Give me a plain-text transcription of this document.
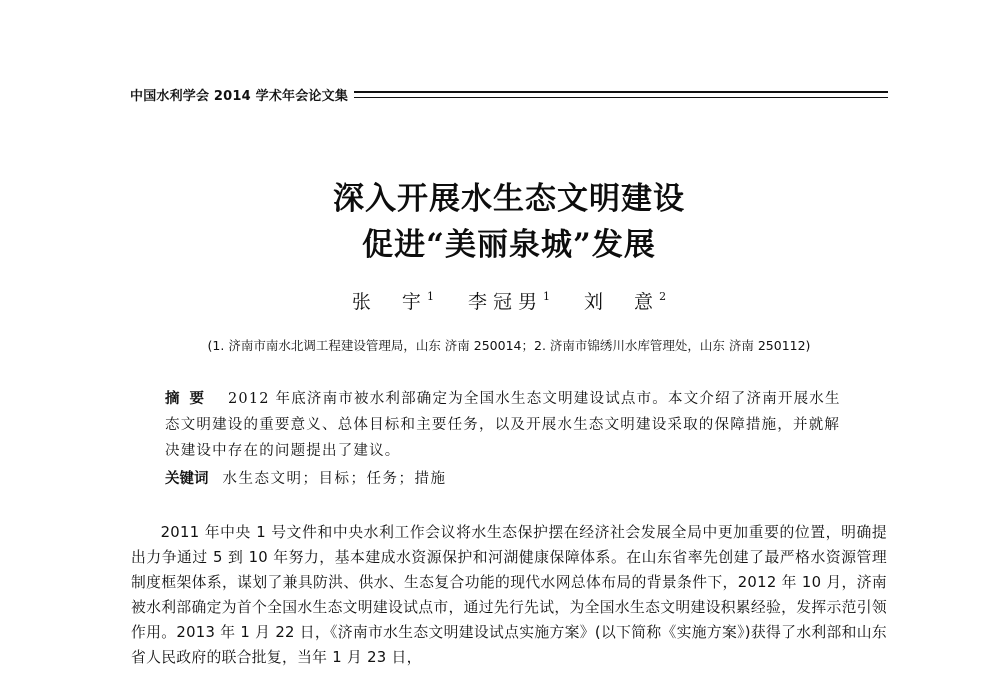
中国水利学会 2014 学术年会论文集
深入开展水生态文明建设
促进“美丽泉城”发展
张　宇$^1$ 李冠男$^1$ 刘　意$^2$
(1. 济南市南水北调工程建设管理局，山东 济南 250014；2. 济南市锦绣川水库管理处，山东 济南 250112)
摘要 2012 年底济南市被水利部确定为全国水生态文明建设试点市。本文介绍了济南开展水生态文明建设的重要意义、总体目标和主要任务，以及开展水生态文明建设采取的保障措施，并就解决建设中存在的问题提出了建议。
关键词 水生态文明；目标；任务；措施
2011 年中央 1 号文件和中央水利工作会议将水生态保护摆在经济社会发展全局中更加重要的位置，明确提出力争通过 5 到 10 年努力，基本建成水资源保护和河湖健康保障体系。在山东省率先创建了最严格水资源管理制度框架体系，谋划了兼具防洪、供水、生态复合功能的现代水网总体布局的背景条件下，2012 年 10 月，济南被水利部确定为首个全国水生态文明建设试点市，通过先行先试，为全国水生态文明建设积累经验，发挥示范引领作用。2013 年 1 月 22 日，《济南市水生态文明建设试点实施方案》(以下简称《实施方案》)获得了水利部和山东省人民政府的联合批复，当年 1 月 23 日，
